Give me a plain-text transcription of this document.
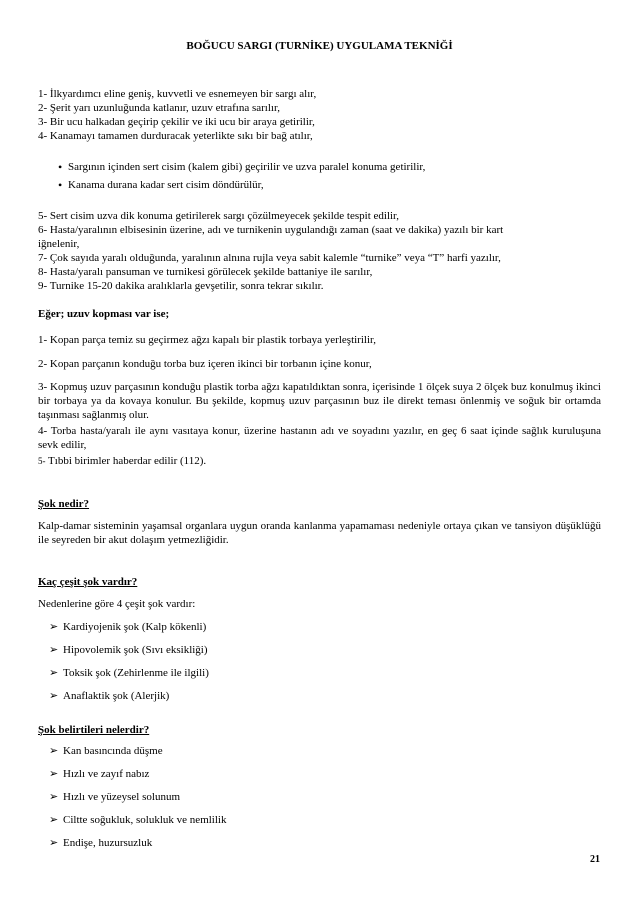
BOĞUCU SARGI (TURNİKE) UYGULAMA TEKNİĞİ
1- İlkyardımcı eline geniş, kuvvetli ve esnemeyen bir sargı alır,
2- Şerit yarı uzunluğunda katlanır, uzuv etrafına sarılır,
3- Bir ucu halkadan geçirip çekilir ve iki ucu bir araya getirilir,
4- Kanamayı tamamen durduracak yeterlikte sıkı bir bağ atılır,
• Sargının içinden sert cisim (kalem gibi) geçirilir ve uzva paralel konuma getirilir,
• Kanama durana kadar sert cisim döndürülür,
5- Sert cisim uzva dik konuma getirilerek sargı çözülmeyecek şekilde tespit edilir,
6- Hasta/yaralının elbisesinin üzerine, adı ve turnikenin uygulandığı zaman (saat ve dakika) yazılı bir kart
iğnelenir,
7- Çok sayıda yaralı olduğunda, yaralının alnına rujla veya sabit kalemle “turnike” veya “T” harfi yazılır,
8- Hasta/yaralı pansuman ve turnikesi görülecek şekilde battaniye ile sarılır,
9- Turnike 15-20 dakika aralıklarla gevşetilir, sonra tekrar sıkılır.
Eğer; uzuv kopması var ise;
1- Kopan parça temiz su geçirmez ağzı kapalı bir plastik torbaya yerleştirilir,
2- Kopan parçanın konduğu torba buz içeren ikinci bir torbanın içine konur,
3- Kopmuş uzuv parçasının konduğu plastik torba ağzı kapatıldıktan sonra, içerisinde 1 ölçek suya 2 ölçek buz konulmuş ikinci bir torbaya ya da kovaya konulur. Bu şekilde, kopmuş uzuv parçasının buz ile direkt teması önlenmiş ve soğuk bir ortamda taşınması sağlanmış olur.
4- Torba hasta/yaralı ile aynı vasıtaya konur, üzerine hastanın adı ve soyadını yazılır, en geç 6 saat içinde sağlık kuruluşuna sevk edilir,
5- Tıbbi birimler haberdar edilir (112).
Şok nedir?
Kalp-damar sisteminin yaşamsal organlara uygun oranda kanlanma yapamaması nedeniyle ortaya çıkan ve tansiyon düşüklüğü ile seyreden bir akut dolaşım yetmezliğidir.
Kaç çeşit şok vardır?
Nedenlerine göre 4 çeşit şok vardır:
➢ Kardiyojenik şok (Kalp kökenli)
➢ Hipovolemik şok (Sıvı eksikliği)
➢ Toksik şok (Zehirlenme ile ilgili)
➢ Anaflaktik şok (Alerjik)
Şok belirtileri nelerdir?
➢ Kan basıncında düşme
➢ Hızlı ve zayıf nabız
➢ Hızlı ve yüzeysel solunum
➢ Ciltte soğukluk, solukluk ve nemlilik
➢ Endişe, huzursuzluk
21
